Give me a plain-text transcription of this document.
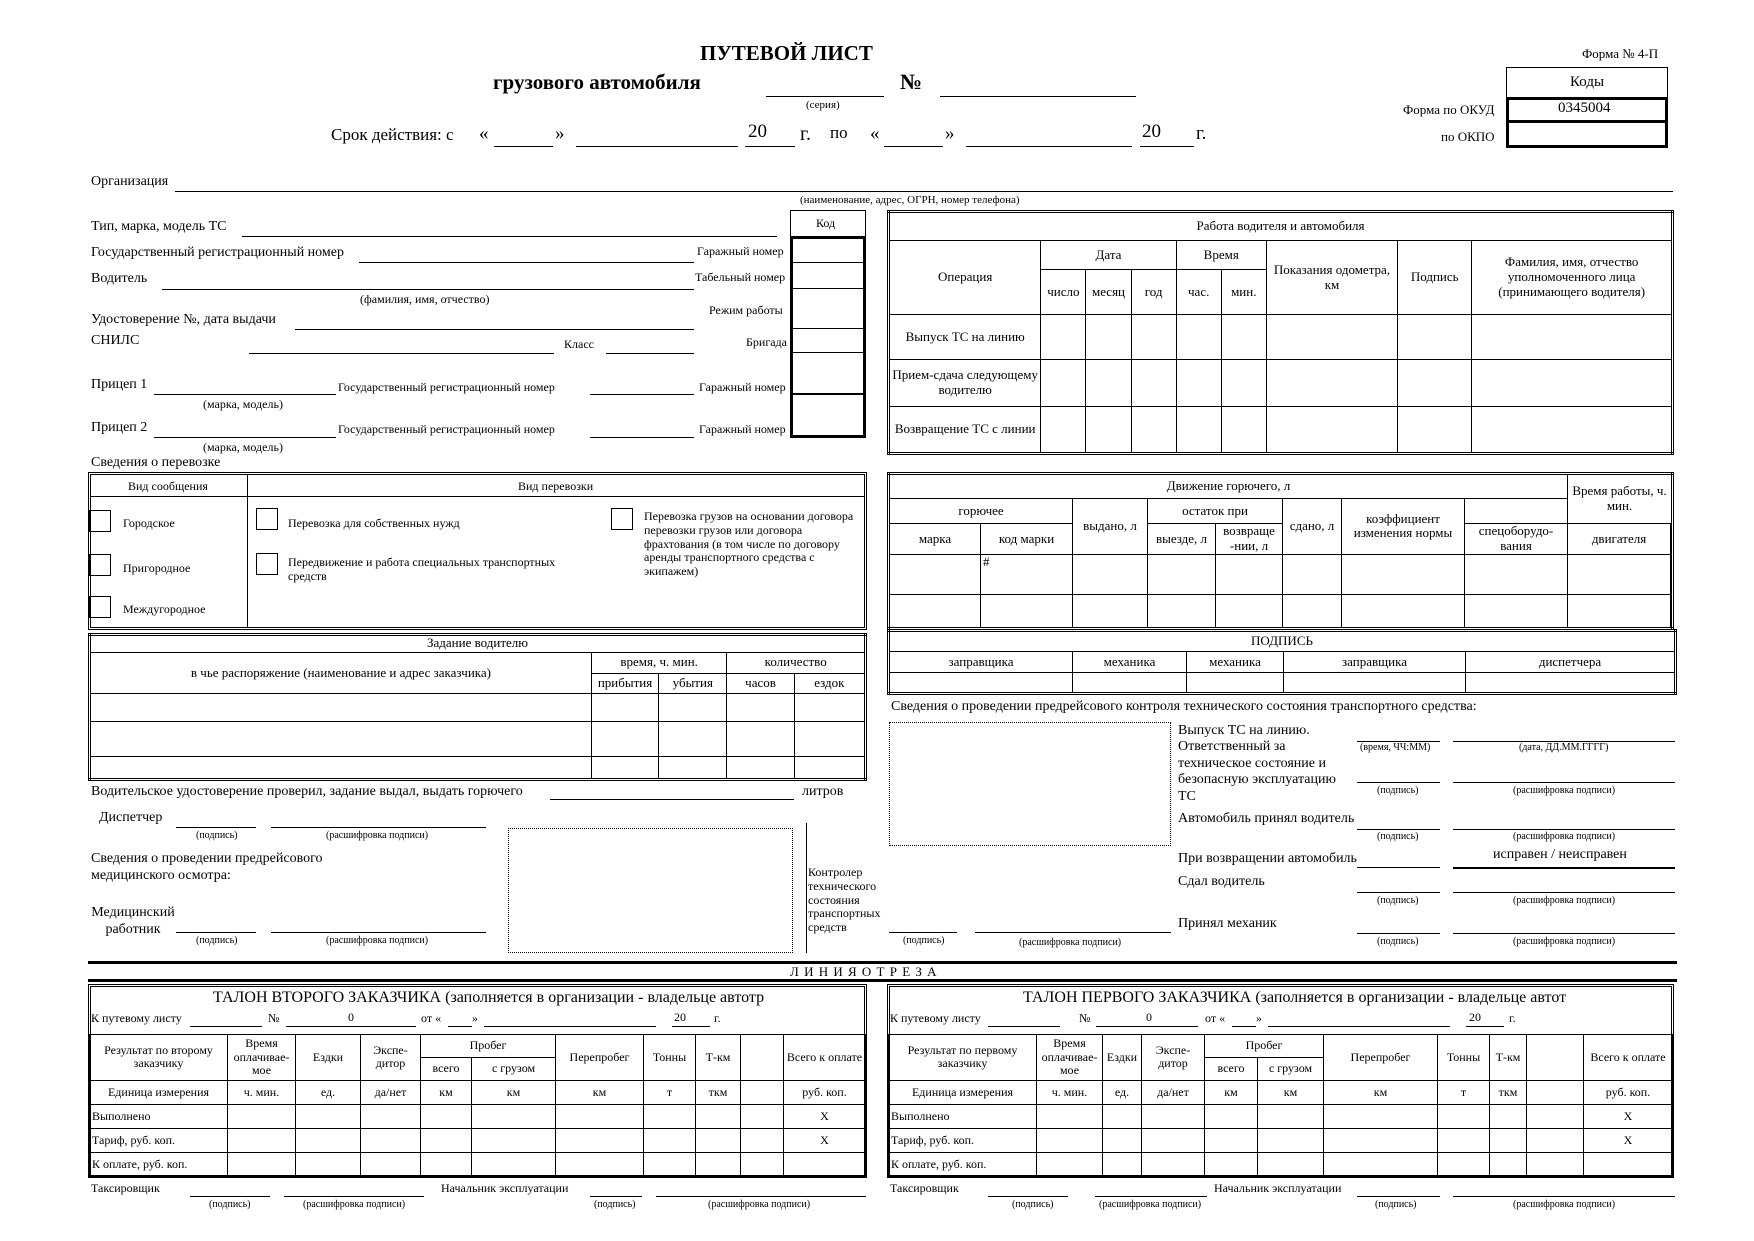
ПУТЕВОЙ ЛИСТ
грузового автомобиля
(серия)
№
Форма № 4-П
Коды
Форма по ОКУД	0345004
по ОКПО
Срок действия: с «	»	20 г. по «	»	20 г.
Организация
(наименование, адрес, ОГРН, номер телефона)
Тип, марка, модель ТС
Государственный регистрационный номер	Гаражный номер
Водитель	Табельный номер
(фамилия, имя, отчество)
Удостоверение №, дата выдачи
Режим работы
СНИЛС	Класс	Бригада
Прицеп 1	Государственный регистрационный номер	Гаражный номер
(марка, модель)
Прицеп 2	Государственный регистрационный номер	Гаражный номер
(марка, модель)
Код	Работа водителя и автомобиля								
Операция	Дата			Время		Показания одометра, км	Подпись	Фамилия, имя, отчество уполномоченного лица (принимающего водителя)
	число	месяц	год	час.	мин.			
Выпуск ТС на линию								
Прием-сдача следующему водителю								
Возвращение ТС с линии								
Сведения о перевозке
Вид сообщения	Вид перевозки
Городское
Пригородное
Междугородное
Перевозка для собственных нужд
Передвижение и работа специальных транспортных средств
Перевозка грузов на основании договора перевозки грузов или договора фрахтования (в том числе по договору аренды транспортного средства с экипажем)
Движение горючего, л								Время работы, ч. мин.
горючее		выдано, л	остаток при		сдано, л	коэффициент изменения нормы		
марка	код марки		выезде, л	возвраще -нии, л			спецоборудо-вания	двигателя
	#							

ПОДПИСЬ				
заправщика	механика	механика	заправщика	диспетчера

Задание водителю				
в чье распоряжение (наименование и адрес заказчика)	время, ч. мин.		количество	
	прибытия	убытия	часов	ездок

Водительское удостоверение проверил, задание выдал, выдать горючего	литров
Диспетчер
(подпись)	(расшифровка подписи)
Сведения о проведении предрейсового медицинского осмотра:
Медицинский работник
(подпись)	(расшифровка подписи)
Контролер технического состояния транспортных средств
(подпись)	(расшифровка подписи)
Сведения о проведении предрейсового контроля технического состояния транспортного средства:
Выпуск ТС на линию. Ответственный за техническое состояние и безопасную эксплуатацию ТС
(время, ЧЧ:ММ)	(дата, ДД.ММ.ГГГГ)
(подпись)	(расшифровка подписи)
Автомобиль принял водитель
(подпись)	(расшифровка подписи)
При возвращении автомобиль	исправен / неисправен
Сдал водитель
(подпись)	(расшифровка подписи)
Принял механик
(подпись)	(расшифровка подписи)
Л И Н И Я О Т Р Е З А
ТАЛОН ВТОРОГО ЗАКАЗЧИКА (заполняется в организации - владельце автотр
К путевому листу	№	0	от «	»	20 г.
Результат по второму заказчику	Время оплачивае-мое	Ездки	Экспе-дитор	Пробег		Перепробег	Тонны	Т-км		Всего к оплате
				всего	с грузом					
Единица измерения	ч. мин.	ед.	да/нет	км	км	км	т	ткм		руб. коп.
Выполнено										X
Тариф, руб. коп.										X
К оплате, руб. коп.										
Таксировщик
(подпись)	(расшифровка подписи)
Начальник эксплуатации
(подпись)	(расшифровка подписи)
ТАЛОН ПЕРВОГО ЗАКАЗЧИКА (заполняется в организации - владельце автот
К путевому листу	№	0	от «	»	20 г.
Результат по первому заказчику	Время оплачивае-мое	Ездки	Экспе-дитор	Пробег		Перепробег	Тонны	Т-км		Всего к оплате
				всего	с грузом					
Единица измерения	ч. мин.	ед.	да/нет	км	км	км	т	ткм		руб. коп.
Выполнено										X
Тариф, руб. коп.										X
К оплате, руб. коп.										
Таксировщик
(подпись)	(расшифровка подписи)
Начальник эксплуатации
(подпись)	(расшифровка подписи)
